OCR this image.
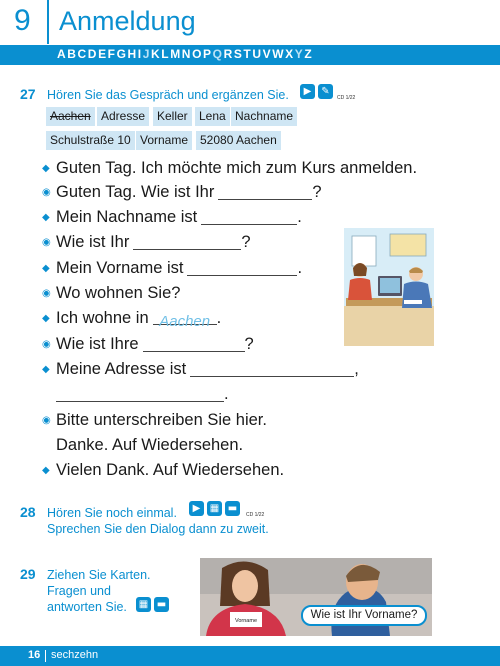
9 Anmeldung
ABCDEFGHIJKLMNOPQRSTUVWXYZ
27 Hören Sie das Gespräch und ergänzen Sie.	▶ ✎
CD 1/22
Aachen Adresse Keller Lena Nachname
Schulstraße 10 Vorname 52080 Aachen
◆ Guten Tag. Ich möchte mich zum Kurs anmelden.
◉ Guten Tag. Wie ist Ihr	?
◆ Mein Nachname ist	.
◉ Wie ist Ihr	?
◆ Mein Vorname ist	.
◉ Wo wohnen Sie?
◆ Ich wohne in Aachen .
◉ Wie ist Ihre	?
◆ Meine Adresse ist	,
.
◉ Bitte unterschreiben Sie hier.
Danke. Auf Wiedersehen.
◆ Vielen Dank. Auf Wiedersehen.
28 Hören Sie noch einmal.
Sprechen Sie den Dialog dann zu zweit.
▶ ▦ ▬
CD 1/22
29 Ziehen Sie Karten.
Fragen und
antworten Sie. ▦ ▬
Vorname	Wie ist Ihr Vorname?
16 sechzehn
